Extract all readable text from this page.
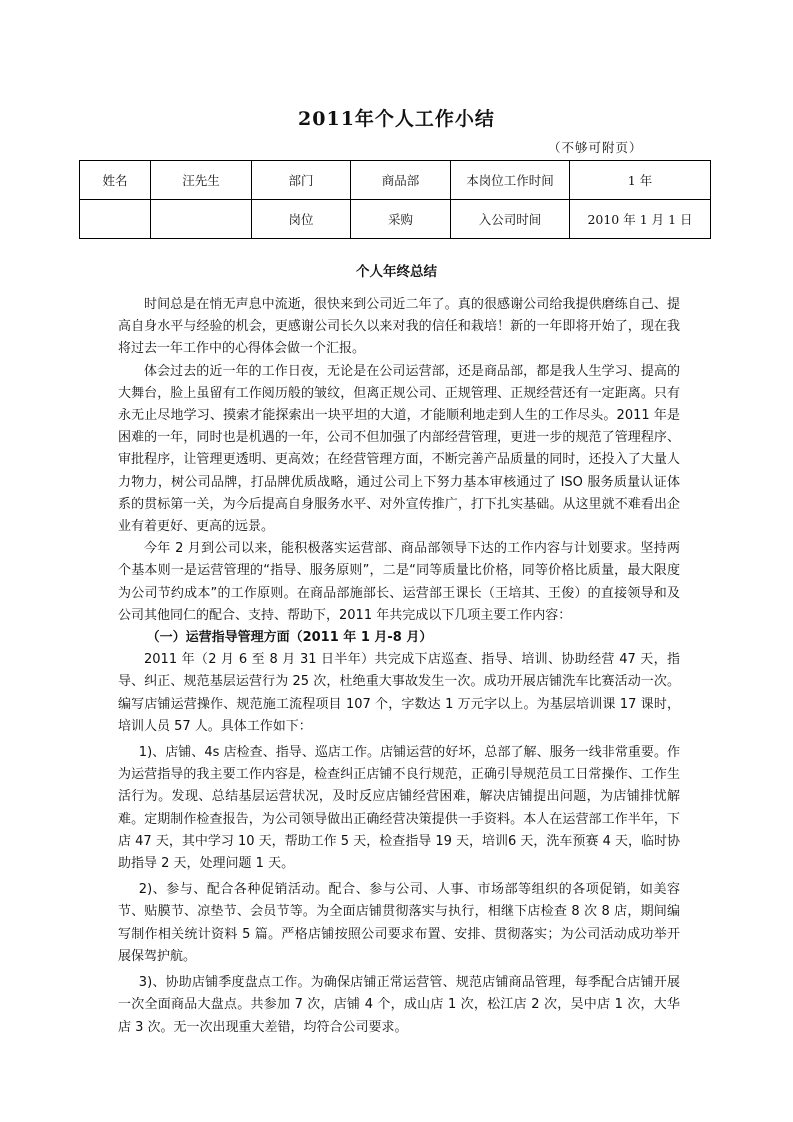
2011年个人工作小结
（不够可附页）
姓名	汪先生	部门	商品部	本岗位工作时间	1 年
		岗位	采购	入公司时间	2010 年 1 月 1 日
个人年终总结

时间总是在悄无声息中流逝，很快来到公司近二年了。真的很感谢公司给我提供磨练自己、提高自身水平与经验的机会，更感谢公司长久以来对我的信任和栽培！新的一年即将开始了，现在我将过去一年工作中的心得体会做一个汇报。

体会过去的近一年的工作日夜，无论是在公司运营部，还是商品部，都是我人生学习、提高的大舞台，脸上虽留有工作阅历般的皱纹，但离正规公司、正规管理、正规经营还有一定距离。只有永无止尽地学习、摸索才能探索出一块平坦的大道，才能顺利地走到人生的工作尽头。2011 年是困难的一年，同时也是机遇的一年，公司不但加强了内部经营管理，更进一步的规范了管理程序、审批程序，让管理更透明、更高效；在经营管理方面，不断完善产品质量的同时，还投入了大量人力物力，树公司品牌，打品牌优质战略，通过公司上下努力基本审核通过了 ISO 服务质量认证体系的贯标第一关，为今后提高自身服务水平、对外宣传推广，打下扎实基础。从这里就不难看出企业有着更好、更高的远景。

今年 2 月到公司以来，能积极落实运营部、商品部领导下达的工作内容与计划要求。坚持两个基本则一是运营管理的“指导、服务原则”，二是“同等质量比价格，同等价格比质量，最大限度为公司节约成本”的工作原则。在商品部施部长、运营部王课长（王培其、王俊）的直接领导和及公司其他同仁的配合、支持、帮助下，2011 年共完成以下几项主要工作内容：

（一）运营指导管理方面（2011 年 1 月-8 月）

2011 年（2 月 6 至 8 月 31 日半年）共完成下店巡查、指导、培训、协助经营 47 天，指导、纠正、规范基层运营行为 25 次，杜绝重大事故发生一次。成功开展店铺洗车比赛活动一次。编写店铺运营操作、规范施工流程项目 107 个，字数达 1 万元字以上。为基层培训课 17 课时，培训人员 57 人。具体工作如下：

1)、店铺、4s 店检查、指导、巡店工作。店铺运营的好坏，总部了解、服务一线非常重要。作为运营指导的我主要工作内容是，检查纠正店铺不良行规范，正确引导规范员工日常操作、工作生活行为。发现、总结基层运营状况，及时反应店铺经营困难，解决店铺提出问题，为店铺排忧解难。定期制作检查报告，为公司领导做出正确经营决策提供一手资料。本人在运营部工作半年，下店 47 天，其中学习 10 天，帮助工作 5 天，检查指导 19 天，培训6 天，洗车预赛 4 天，临时协助指导 2 天，处理问题 1 天。

2)、参与、配合各种促销活动。配合、参与公司、人事、市场部等组织的各项促销，如美容节、贴膜节、凉垫节、会员节等。为全面店铺贯彻落实与执行，相继下店检查 8 次 8 店，期间编写制作相关统计资料 5 篇。严格店铺按照公司要求布置、安排、贯彻落实；为公司活动成功举开展保驾护航。

3)、协助店铺季度盘点工作。为确保店铺正常运营管、规范店铺商品管理，每季配合店铺开展一次全面商品大盘点。共参加 7 次，店铺 4 个，成山店 1 次，松江店 2 次，吴中店 1 次，大华店 3 次。无一次出现重大差错，均符合公司要求。
